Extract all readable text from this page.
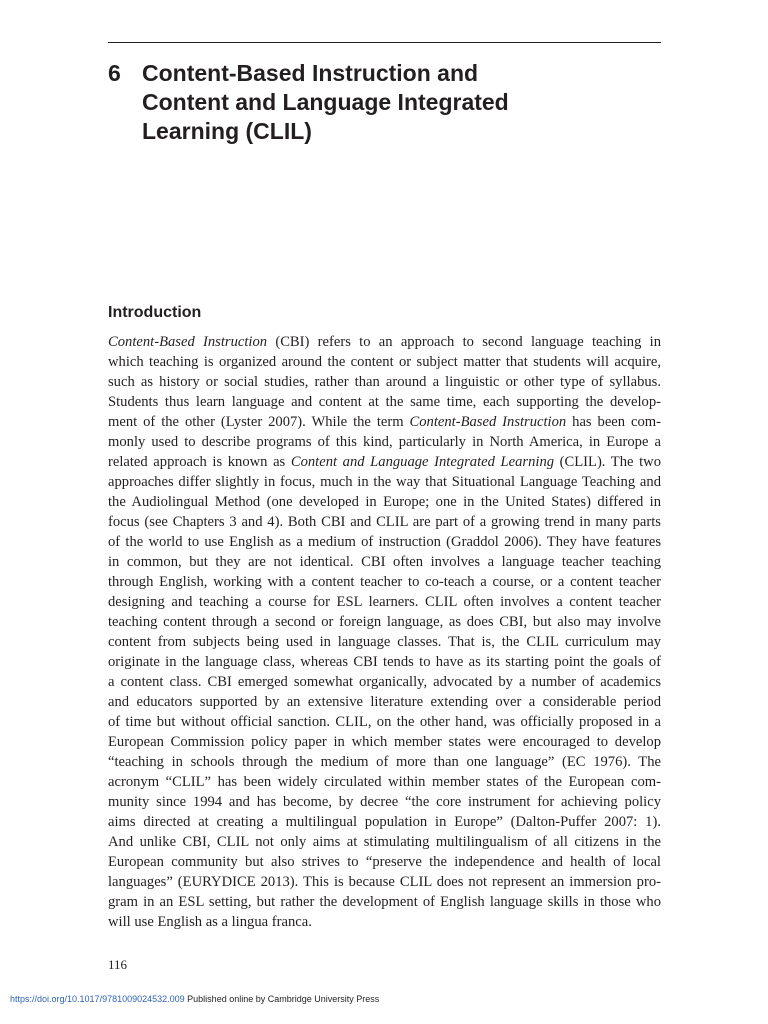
6 Content-Based Instruction and
Content and Language Integrated
Learning (CLIL)
Introduction
Content-Based Instruction (CBI) refers to an approach to second language teaching in
which teaching is organized around the content or subject matter that students will acquire,
such as history or social studies, rather than around a linguistic or other type of syllabus.
Students thus learn language and content at the same time, each supporting the develop-
ment of the other (Lyster 2007). While the term Content-Based Instruction has been com-
monly used to describe programs of this kind, particularly in North America, in Europe a
related approach is known as Content and Language Integrated Learning (CLIL). The two
approaches differ slightly in focus, much in the way that Situational Language Teaching and
the Audiolingual Method (one developed in Europe; one in the United States) differed in
focus (see Chapters 3 and 4). Both CBI and CLIL are part of a growing trend in many parts
of the world to use English as a medium of instruction (Graddol 2006). They have features
in common, but they are not identical. CBI often involves a language teacher teaching
through English, working with a content teacher to co-teach a course, or a content teacher
designing and teaching a course for ESL learners. CLIL often involves a content teacher
teaching content through a second or foreign language, as does CBI, but also may involve
content from subjects being used in language classes. That is, the CLIL curriculum may
originate in the language class, whereas CBI tends to have as its starting point the goals of
a content class. CBI emerged somewhat organically, advocated by a number of academics
and educators supported by an extensive literature extending over a considerable period
of time but without official sanction. CLIL, on the other hand, was officially proposed in a
European Commission policy paper in which member states were encouraged to develop
“teaching in schools through the medium of more than one language” (EC 1976). The
acronym “CLIL” has been widely circulated within member states of the European com-
munity since 1994 and has become, by decree “the core instrument for achieving policy
aims directed at creating a multilingual population in Europe” (Dalton-Puffer 2007: 1).
And unlike CBI, CLIL not only aims at stimulating multilingualism of all citizens in the
European community but also strives to “preserve the independence and health of local
languages” (EURYDICE 2013). This is because CLIL does not represent an immersion pro-
gram in an ESL setting, but rather the development of English language skills in those who
will use English as a lingua franca.
116
https://doi.org/10.1017/9781009024532.009 Published online by Cambridge University Press
